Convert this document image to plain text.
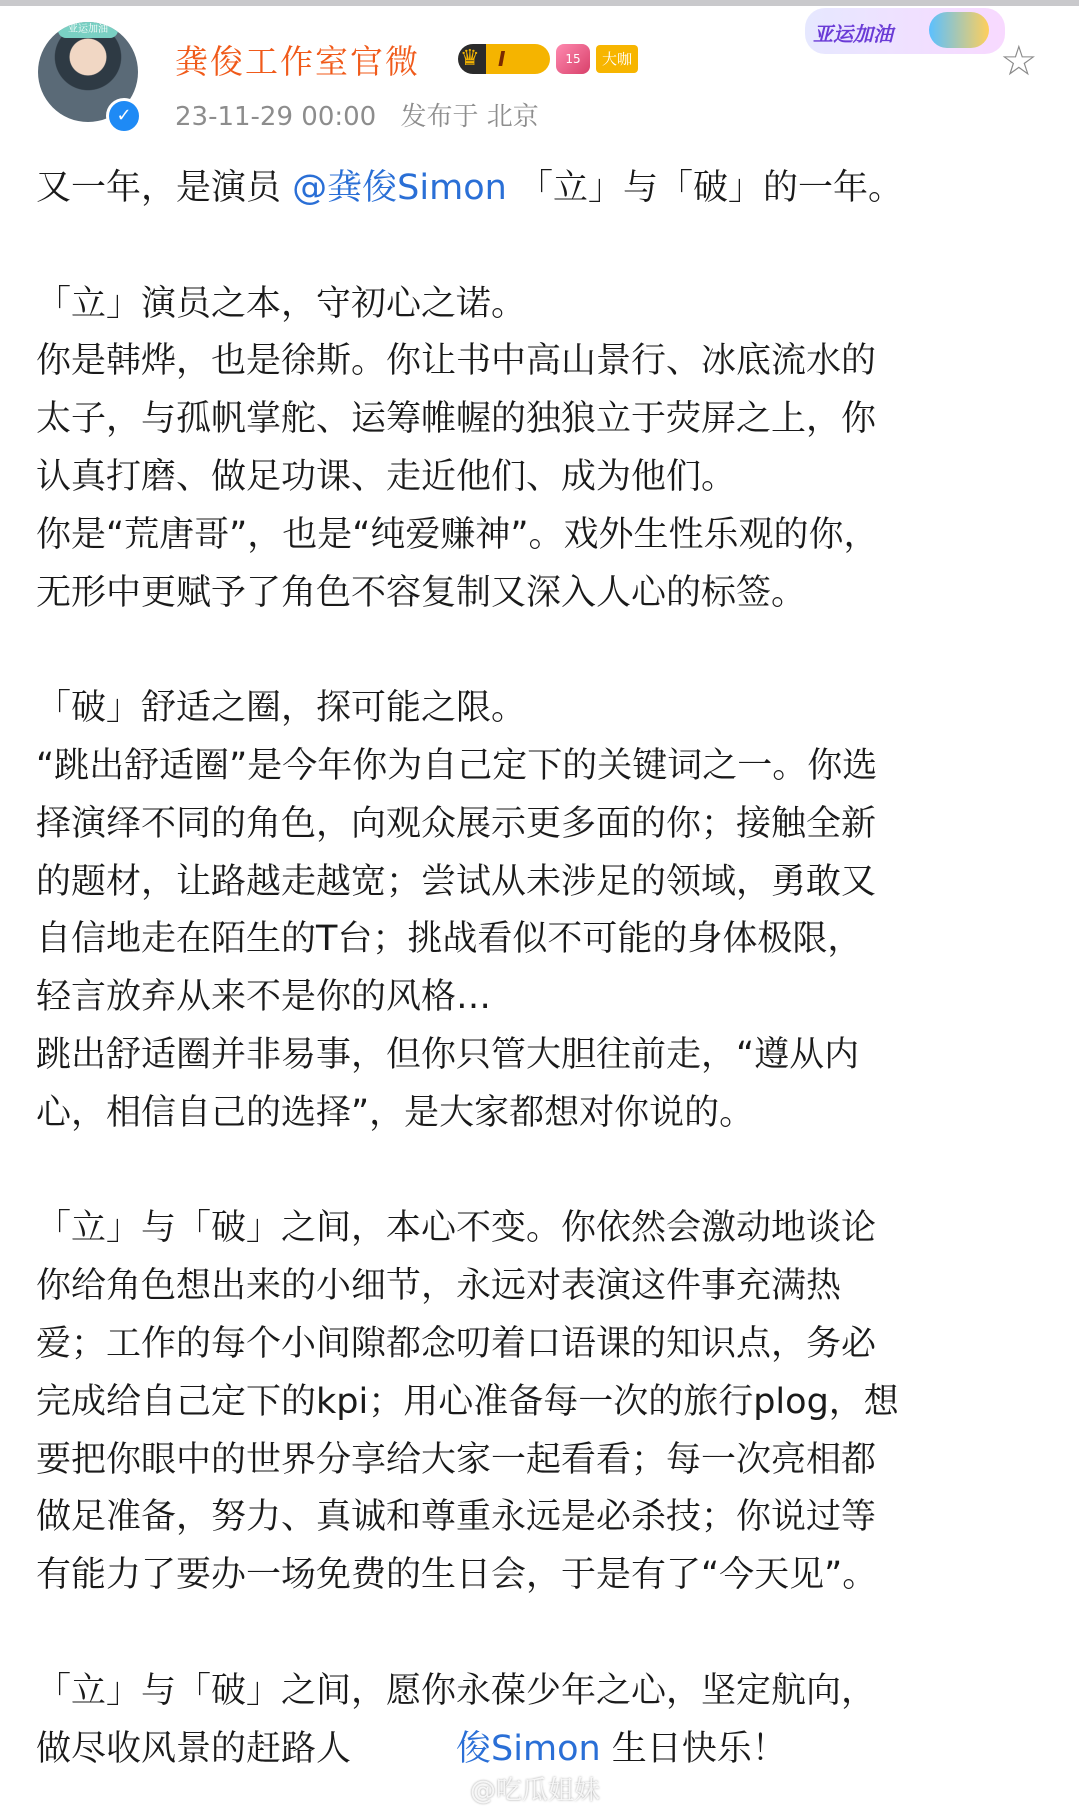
亚运加油
✓
龚俊工作室官微 ♛ I	15	大咖
23-11-29 00:00 发布于 北京
亚运加油
☆

又一年，是演员 @龚俊Simon 「立」与「破」的一年。

「立」演员之本，守初心之诺。
你是韩烨，也是徐斯。你让书中高山景行、冰底流水的
太子，与孤帆掌舵、运筹帷幄的独狼立于荧屏之上，你
认真打磨、做足功课、走近他们、成为他们。
你是“荒唐哥”，也是“纯爱赚神”。戏外生性乐观的你，
无形中更赋予了角色不容复制又深入人心的标签。

「破」舒适之圈，探可能之限。
“跳出舒适圈”是今年你为自己定下的关键词之一。你选
择演绎不同的角色，向观众展示更多面的你；接触全新
的题材，让路越走越宽；尝试从未涉足的领域，勇敢又
自信地走在陌生的T台；挑战看似不可能的身体极限，
轻言放弃从来不是你的风格…
跳出舒适圈并非易事，但你只管大胆往前走，“遵从内
心，相信自己的选择”，是大家都想对你说的。

「立」与「破」之间，本心不变。你依然会激动地谈论
你给角色想出来的小细节，永远对表演这件事充满热
爱；工作的每个小间隙都念叨着口语课的知识点，务必
完成给自己定下的kpi；用心准备每一次的旅行plog，想
要把你眼中的世界分享给大家一起看看；每一次亮相都
做足准备，努力、真诚和尊重永远是必杀技；你说过等
有能力了要办一场免费的生日会，于是有了“今天见”。

「立」与「破」之间，愿你永葆少年之心，坚定航向，
做尽收风景的赶路人　　　	俊Simon 生日快乐！

@吃瓜姐妹
